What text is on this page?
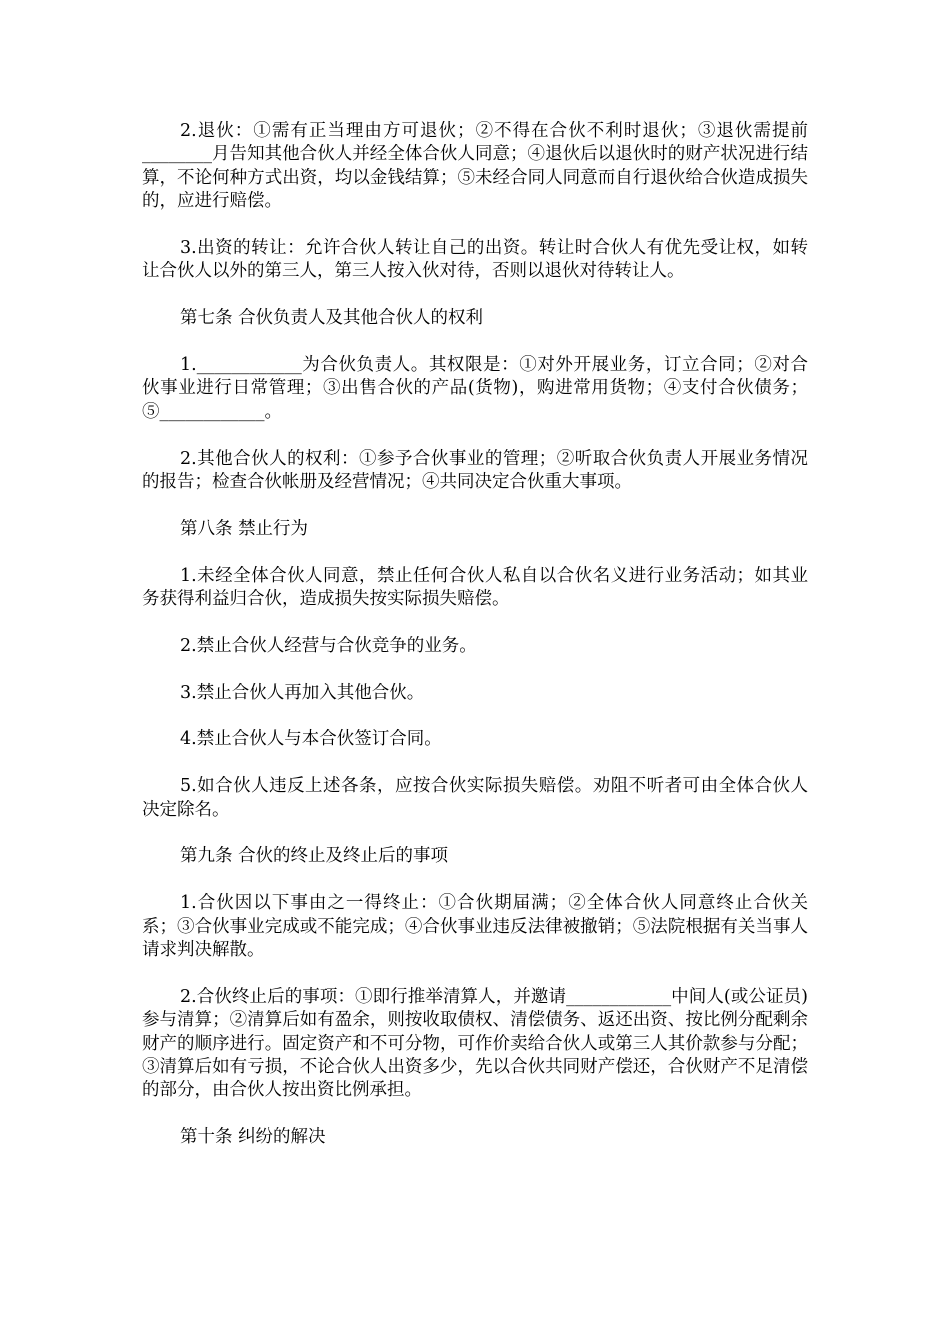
2.退伙：①需有正当理由方可退伙；②不得在合伙不利时退伙；③退伙需提前________月告知其他合伙人并经全体合伙人同意；④退伙后以退伙时的财产状况进行结算，不论何种方式出资，均以金钱结算；⑤未经合同人同意而自行退伙给合伙造成损失的，应进行赔偿。

3.出资的转让：允许合伙人转让自己的出资。转让时合伙人有优先受让权，如转让合伙人以外的第三人，第三人按入伙对待，否则以退伙对待转让人。

第七条 合伙负责人及其他合伙人的权利

1.____________为合伙负责人。其权限是：①对外开展业务，订立合同；②对合伙事业进行日常管理；③出售合伙的产品(货物)，购进常用货物；④支付合伙债务；⑤____________。

2.其他合伙人的权利：①参予合伙事业的管理；②听取合伙负责人开展业务情况的报告；检查合伙帐册及经营情况；④共同决定合伙重大事项。

第八条 禁止行为

1.未经全体合伙人同意，禁止任何合伙人私自以合伙名义进行业务活动；如其业务获得利益归合伙，造成损失按实际损失赔偿。

2.禁止合伙人经营与合伙竞争的业务。

3.禁止合伙人再加入其他合伙。

4.禁止合伙人与本合伙签订合同。

5.如合伙人违反上述各条，应按合伙实际损失赔偿。劝阻不听者可由全体合伙人决定除名。

第九条 合伙的终止及终止后的事项

1.合伙因以下事由之一得终止：①合伙期届满；②全体合伙人同意终止合伙关系；③合伙事业完成或不能完成；④合伙事业违反法律被撤销；⑤法院根据有关当事人请求判决解散。

2.合伙终止后的事项：①即行推举清算人，并邀请____________中间人(或公证员)参与清算；②清算后如有盈余，则按收取债权、清偿债务、返还出资、按比例分配剩余财产的顺序进行。固定资产和不可分物，可作价卖给合伙人或第三人其价款参与分配；③清算后如有亏损，不论合伙人出资多少，先以合伙共同财产偿还，合伙财产不足清偿的部分，由合伙人按出资比例承担。

第十条 纠纷的解决
